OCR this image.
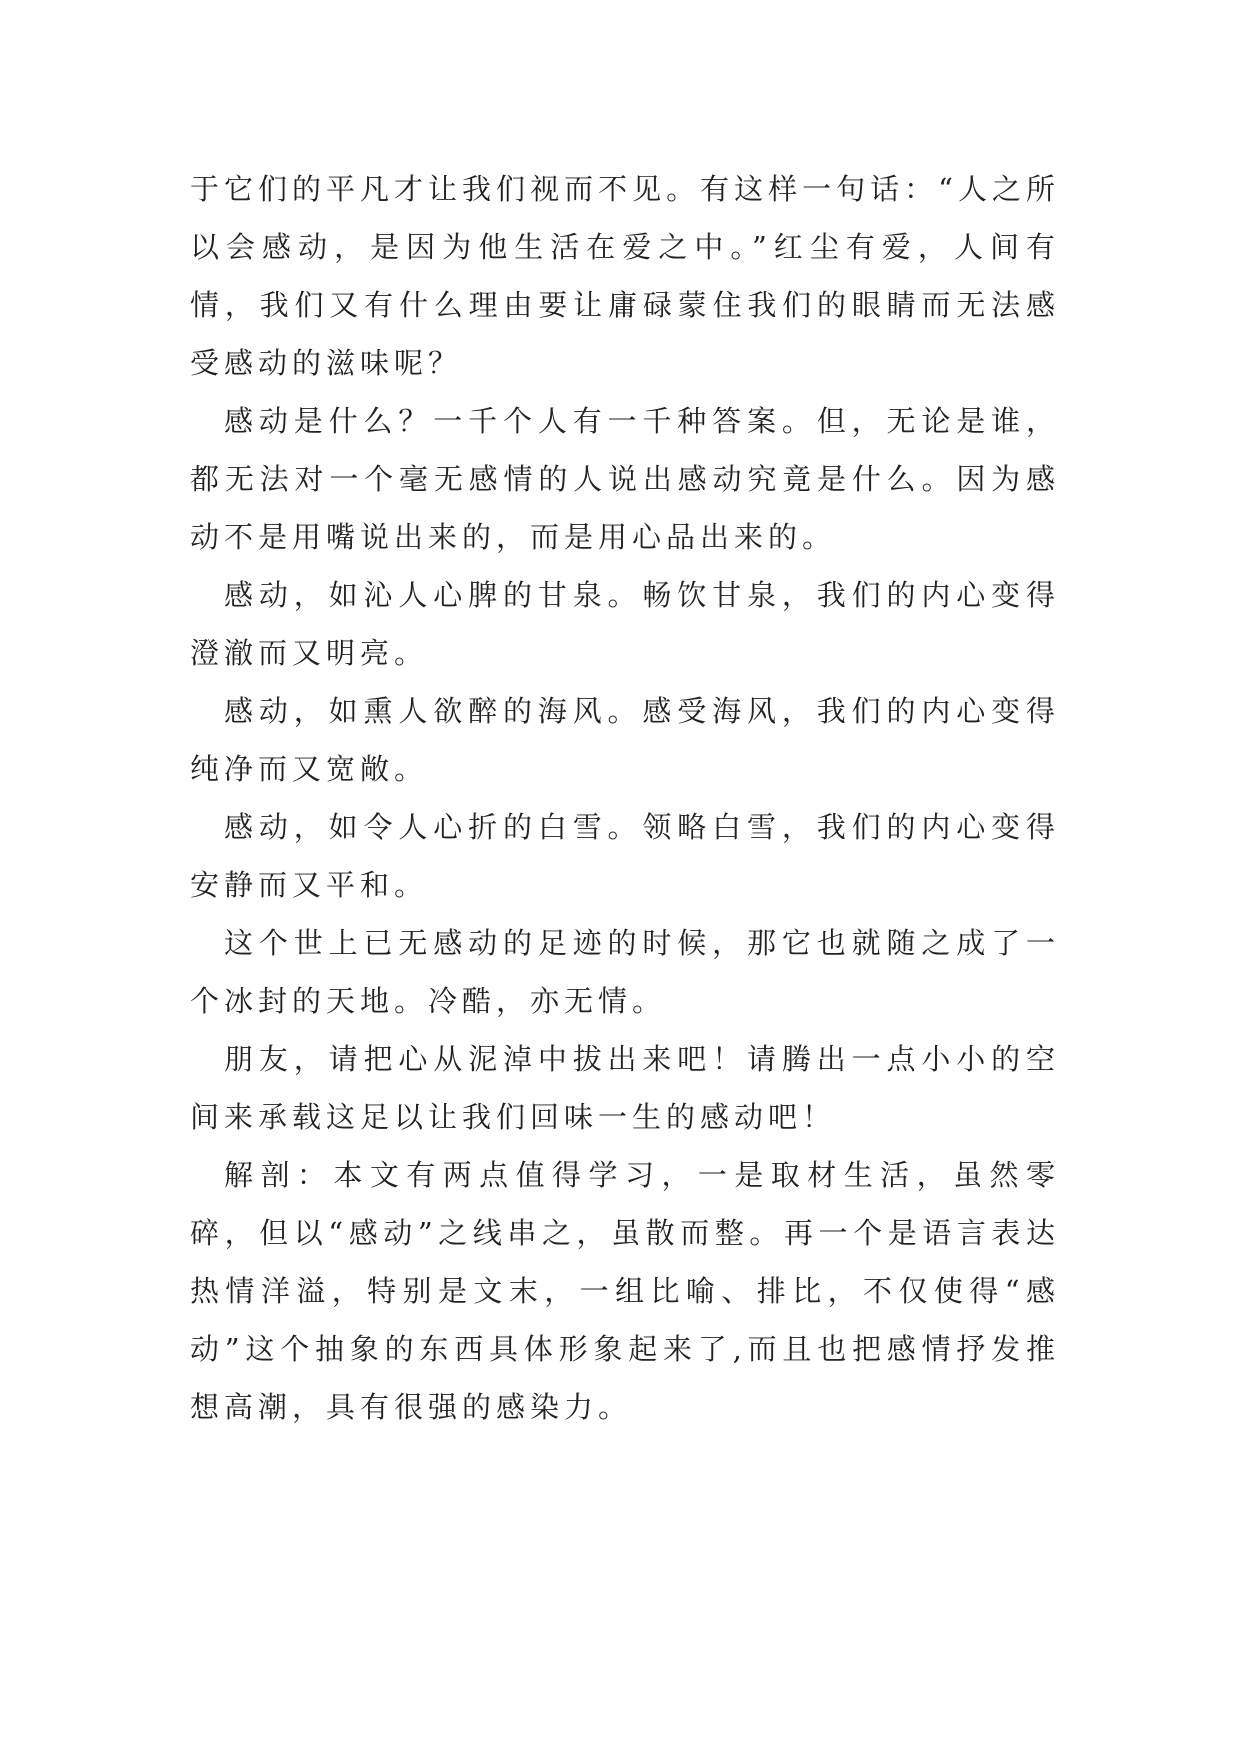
于它们的平凡才让我们视而不见。有这样一句话：“人之所以会感动，是因为他生活在爱之中。”红尘有爱，人间有情，我们又有什么理由要让庸碌蒙住我们的眼睛而无法感受感动的滋味呢？

感动是什么？一千个人有一千种答案。但，无论是谁，都无法对一个毫无感情的人说出感动究竟是什么。因为感动不是用嘴说出来的，而是用心品出来的。

感动，如沁人心脾的甘泉。畅饮甘泉，我们的内心变得澄澈而又明亮。

感动，如熏人欲醉的海风。感受海风，我们的内心变得纯净而又宽敞。

感动，如令人心折的白雪。领略白雪，我们的内心变得安静而又平和。

这个世上已无感动的足迹的时候，那它也就随之成了一个冰封的天地。冷酷，亦无情。

朋友，请把心从泥淖中拔出来吧！请腾出一点小小的空间来承载这足以让我们回味一生的感动吧！

解剖：本文有两点值得学习，一是取材生活，虽然零碎，但以“感动”之线串之，虽散而整。再一个是语言表达热情洋溢，特别是文末，一组比喻、排比，不仅使得“感动”这个抽象的东西具体形象起来了,而且也把感情抒发推想高潮，具有很强的感染力。
